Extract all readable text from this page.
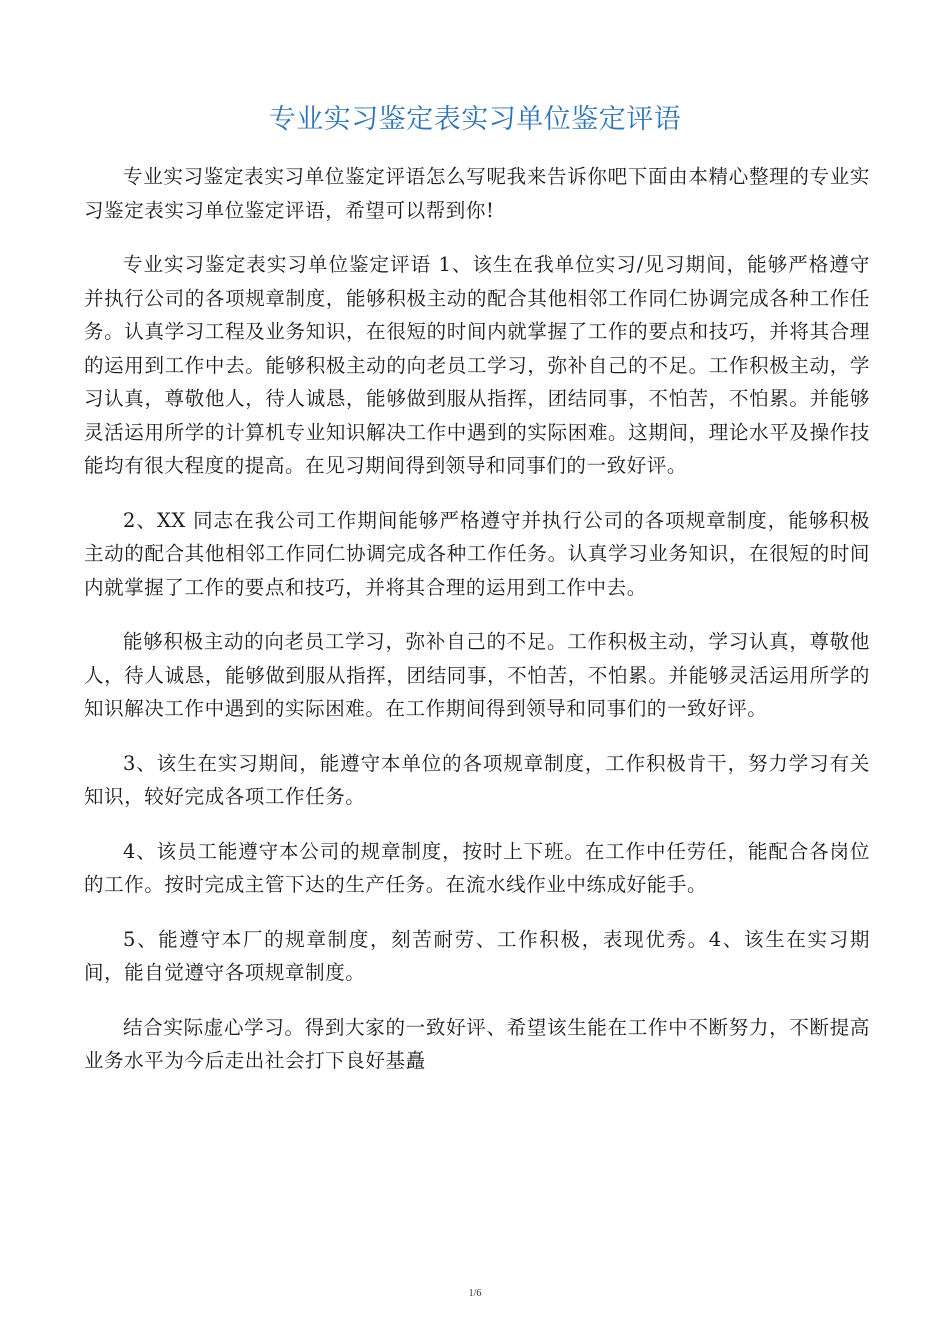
专业实习鉴定表实习单位鉴定评语

专业实习鉴定表实习单位鉴定评语怎么写呢我来告诉你吧下面由本精心整理的专业实习鉴定表实习单位鉴定评语，希望可以帮到你!

专业实习鉴定表实习单位鉴定评语 1、该生在我单位实习/见习期间，能够严格遵守并执行公司的各项规章制度，能够积极主动的配合其他相邻工作同仁协调完成各种工作任务。认真学习工程及业务知识，在很短的时间内就掌握了工作的要点和技巧，并将其合理的运用到工作中去。能够积极主动的向老员工学习，弥补自己的不足。工作积极主动，学习认真，尊敬他人，待人诚恳，能够做到服从指挥，团结同事，不怕苦，不怕累。并能够灵活运用所学的计算机专业知识解决工作中遇到的实际困难。这期间，理论水平及操作技能均有很大程度的提高。在见习期间得到领导和同事们的一致好评。

2、XX 同志在我公司工作期间能够严格遵守并执行公司的各项规章制度，能够积极主动的配合其他相邻工作同仁协调完成各种工作任务。认真学习业务知识，在很短的时间内就掌握了工作的要点和技巧，并将其合理的运用到工作中去。

能够积极主动的向老员工学习，弥补自己的不足。工作积极主动，学习认真，尊敬他人，待人诚恳，能够做到服从指挥，团结同事，不怕苦，不怕累。并能够灵活运用所学的知识解决工作中遇到的实际困难。在工作期间得到领导和同事们的一致好评。

3、该生在实习期间，能遵守本单位的各项规章制度，工作积极肯干，努力学习有关知识，较好完成各项工作任务。

4、该员工能遵守本公司的规章制度，按时上下班。在工作中任劳任，能配合各岗位的工作。按时完成主管下达的生产任务。在流水线作业中练成好能手。

5、能遵守本厂的规章制度，刻苦耐劳、工作积极，表现优秀。4、该生在实习期间，能自觉遵守各项规章制度。

结合实际虚心学习。得到大家的一致好评、希望该生能在工作中不断努力，不断提高业务水平为今后走出社会打下良好基矗

1/6
